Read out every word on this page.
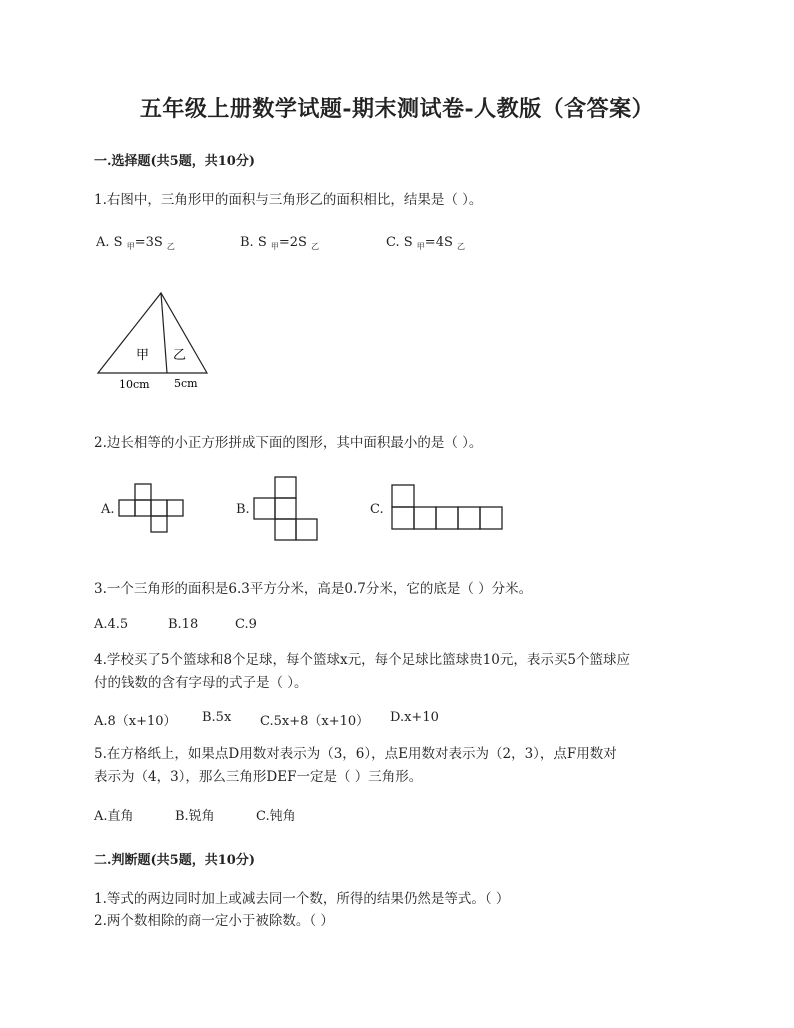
五年级上册数学试题-期末测试卷-人教版（含答案）
一.选择题(共5题，共10分)
1.右图中，三角形甲的面积与三角形乙的面积相比，结果是（ ）。
A. S $_甲$=3S $_乙$	B. S $_甲$=2S $_乙$	C. S $_甲$=4S $_乙$
甲 乙
10cm 5cm
2.边长相等的小正方形拼成下面的图形，其中面积最小的是（ ）。
A.	B.	C.
3.一个三角形的面积是6.3平方分米，高是0.7分米，它的底是（ ）分米。
A.4.5	B.18	C.9
4.学校买了5个篮球和8个足球，每个篮球x元，每个足球比篮球贵10元，表示买5个篮球应
付的钱数的含有字母的式子是（ ）。
A.8（x+10） B.5x C.5x+8（x+10） D.x+10
5.在方格纸上，如果点D用数对表示为（3，6），点E用数对表示为（2，3），点F用数对
表示为（4，3），那么三角形DEF一定是（ ）三角形。
A.直角	B.锐角	C.钝角
二.判断题(共5题，共10分)
1.等式的两边同时加上或减去同一个数，所得的结果仍然是等式。（ ）
2.两个数相除的商一定小于被除数。（ ）
